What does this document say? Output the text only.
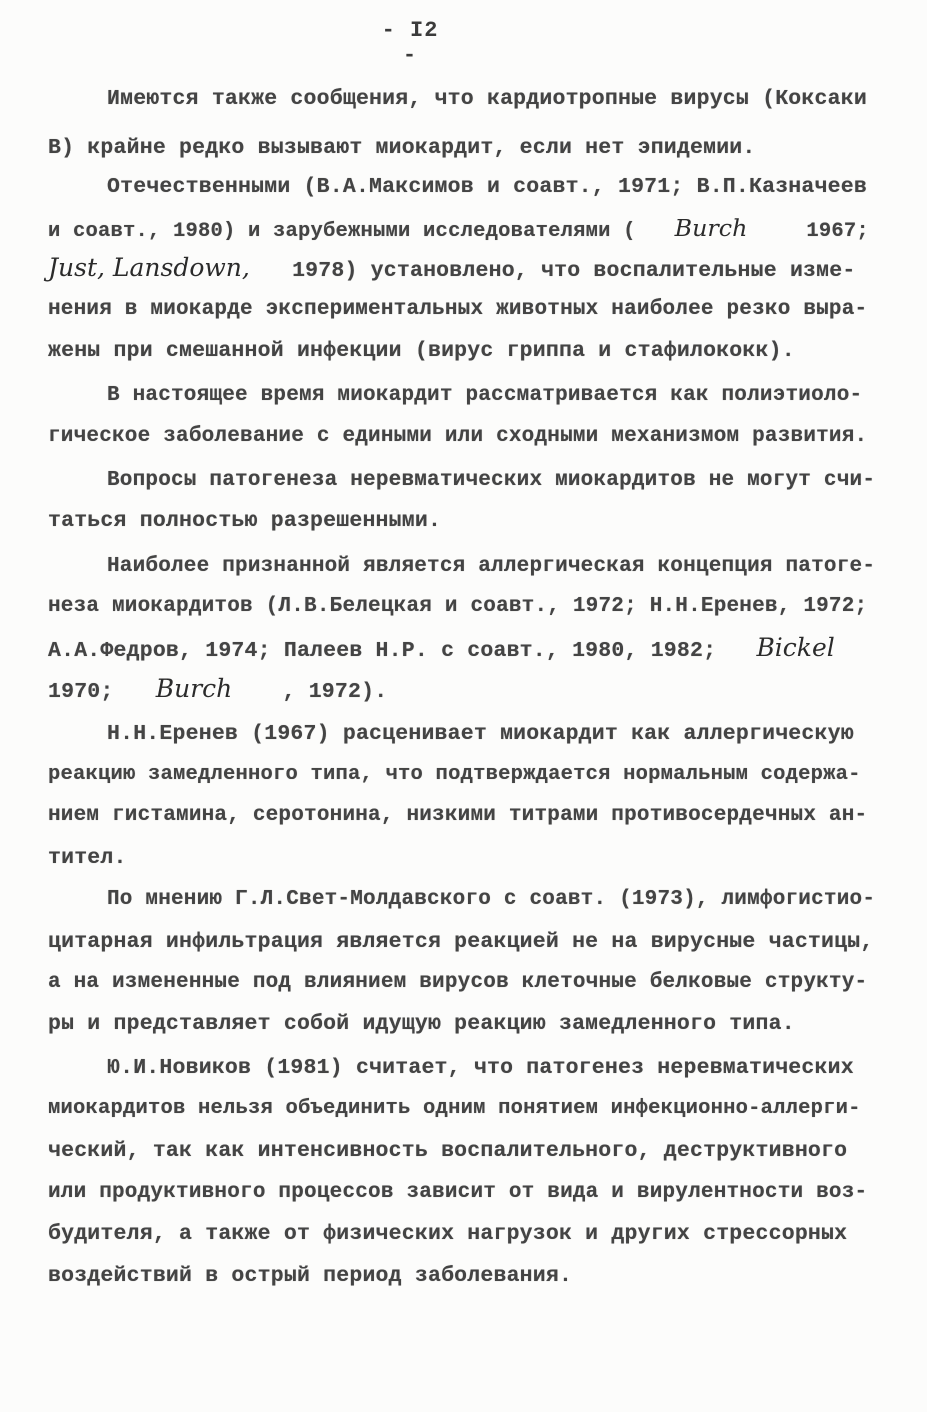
- I2 -
Имеются также сообщения, что кардиотропные вирусы (Коксаки
В) крайне редко вызывают миокардит, если нет эпидемии.
Отечественными (В.А.Максимов и соавт., 1971; В.П.Казначеев
и соавт., 1980) и зарубежными исследователями ( Burch	1967;
Just, Lansdown, 1978) установлено, что воспалительные измe-
нения в миокарде экспериментальных животных наиболее резко выра-
жены при смешанной инфекции (вирус гриппа и стафилококк).
В настоящее время миокардит рассматривается как полиэтиоло-
гическое заболевание с едиными или сходными механизмом развития.
Вопросы патогенеза неревматических миокардитов не могут счи-
таться полностью разрешенными.
Наиболее признанной является аллергическая концепция патоге-
неза миокардитов (Л.В.Белецкая и соавт., 1972; Н.Н.Еренев, 1972;
А.А.Федров, 1974; Палеев Н.Р. с соавт., 1980, 1982; Bickel
1970; Burch , 1972).
Н.Н.Еренев (1967) расценивает миокардит как аллергическую
реакцию замедленного типа, что подтверждается нормальным содержа-
нием гистамина, серотонина, низкими титрами противосердечных ан-
тител.
По мнению Г.Л.Свет-Молдавского с соавт. (1973), лимфогистио-
цитарная инфильтрация является реакцией не на вирусные частицы,
а на измененные под влиянием вирусов клеточные белковые структу-
ры и представляет собой идущую реакцию замедленного типа.
Ю.И.Новиков (1981) считает, что патогенез неревматических
миокардитов нельзя объединить одним понятием инфекционно-аллерги-
ческий, так как интенсивность воспалительного, деструктивного
или продуктивного процессов зависит от вида и вирулентности воз-
будителя, а также от физических нагрузок и других стрессорных
воздействий в острый период заболевания.
